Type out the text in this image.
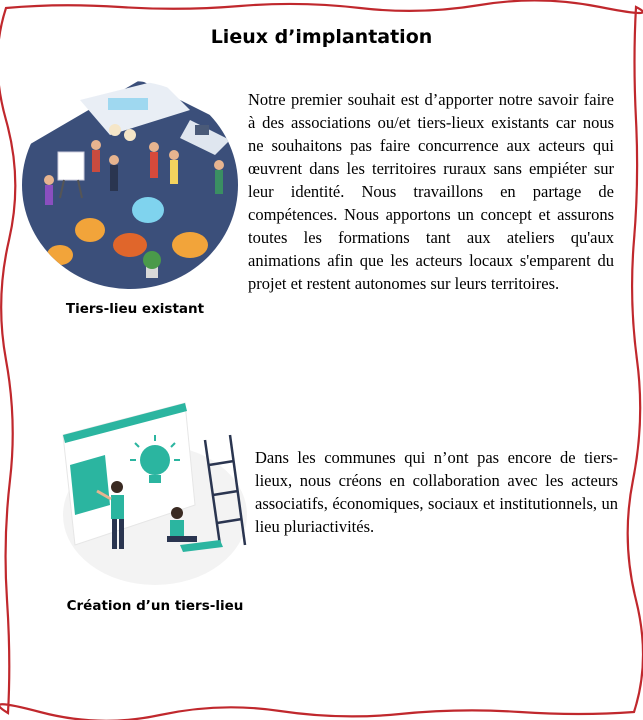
Lieux d’implantation
Tiers-lieu existant

Notre premier souhait est d’apporter notre savoir faire à des associations ou/et tiers-lieux existants car nous ne souhaitons pas faire concurrence aux acteurs qui œuvrent dans les territoires ruraux sans empiéter sur leur identité. Nous travaillons en partage de compétences. Nous apportons un concept et assurons toutes les formations tant aux ateliers qu'aux animations afin que les acteurs locaux s'emparent du projet et restent autonomes sur leurs territoires.

Création d’un tiers-lieu

Dans les communes qui n’ont pas encore de tiers-lieux, nous créons en collaboration avec les acteurs associatifs, économiques, sociaux et institutionnels, un lieu pluriactivités.
